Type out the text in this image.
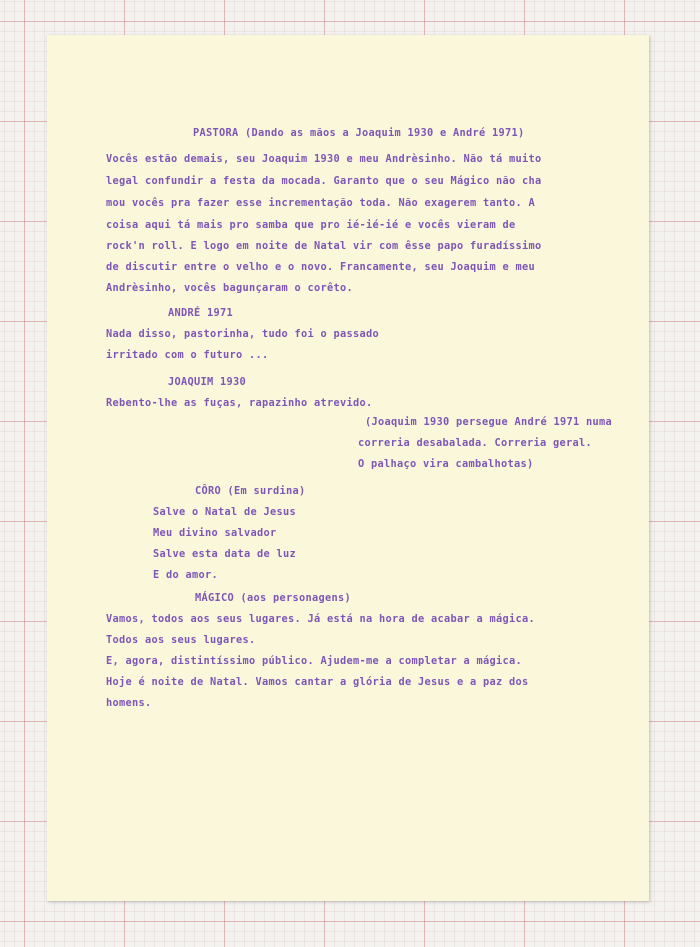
PASTORA (Dando as mãos a Joaquim 1930 e André 1971)

Vocês estão demais, seu Joaquim 1930 e meu Andrèsinho. Não tá muito

legal confundir a festa da mocada. Garanto que o seu Mágico não cha

mou vocês pra fazer esse incrementação toda. Não exagerem tanto. A

coisa aqui tá mais pro samba que pro ié-ié-ié e vocês vieram de

rock'n roll. E logo em noite de Natal vir com êsse papo furadíssimo

de discutir entre o velho e o novo. Francamente, seu Joaquim e meu

Andrèsinho, vocês bagunçaram o corêto.

ANDRÉ 1971

Nada disso, pastorinha, tudo foi o passado

irritado com o futuro ...

JOAQUIM 1930

Rebento-lhe as fuças, rapazinho atrevido.

(Joaquim 1930 persegue André 1971 numa

correria desabalada. Correria geral.

O palhaço vira cambalhotas)

CÔRO (Em surdina)

Salve o Natal de Jesus

Meu divino salvador

Salve esta data de luz

E do amor.

MÁGICO (aos personagens)

Vamos, todos aos seus lugares. Já está na hora de acabar a mágica.

Todos aos seus lugares.

E, agora, distintíssimo público. Ajudem-me a completar a mágica.

Hoje é noite de Natal. Vamos cantar a glória de Jesus e a paz dos

homens.
